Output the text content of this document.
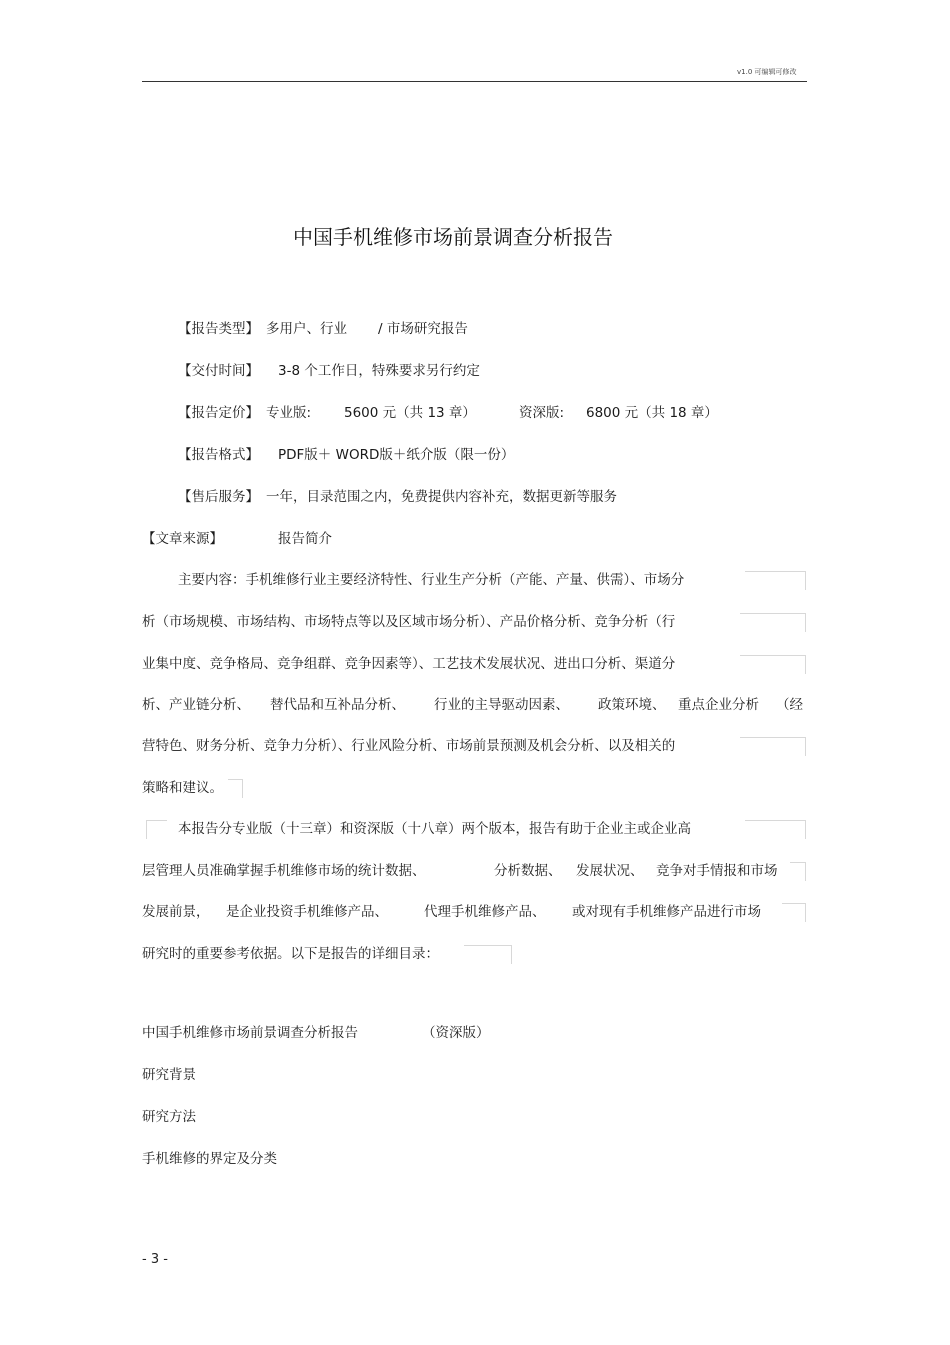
v1.0 可编辑可修改
中国手机维修市场前景调查分析报告
【报告类型】 多用户、行业 / 市场研究报告
【交付时间】 3-8 个工作日，特殊要求另行约定
【报告定价】 专业版: 5600 元（共 13 章）	资深版: 6800 元（共 18 章）
【报告格式】 PDF版＋ WORD版＋纸介版（限一份）
【售后服务】 一年，目录范围之内，免费提供内容补充，数据更新等服务
【文章来源】	报告简介
主要内容：手机维修行业主要经济特性、行业生产分析（产能、产量、供需）、市场分
析（市场规模、市场结构、市场特点等以及区域市场分析）、产品价格分析、竞争分析（行
业集中度、竞争格局、竞争组群、竞争因素等）、工艺技术发展状况、进出口分析、渠道分
析、产业链分析、 替代品和互补品分析、 行业的主导驱动因素、 政策环境、 重点企业分析 （经
营特色、财务分析、竞争力分析）、行业风险分析、市场前景预测及机会分析、以及相关的
策略和建议。
本报告分专业版（十三章）和资深版（十八章）两个版本，报告有助于企业主或企业高
层管理人员准确掌握手机维修市场的统计数据、	分析数据、 发展状况、 竞争对手情报和市场
发展前景， 是企业投资手机维修产品、	代理手机维修产品、 或对现有手机维修产品进行市场
研究时的重要参考依据。以下是报告的详细目录：
中国手机维修市场前景调查分析报告	（资深版）
研究背景
研究方法
手机维修的界定及分类
- 3 -
